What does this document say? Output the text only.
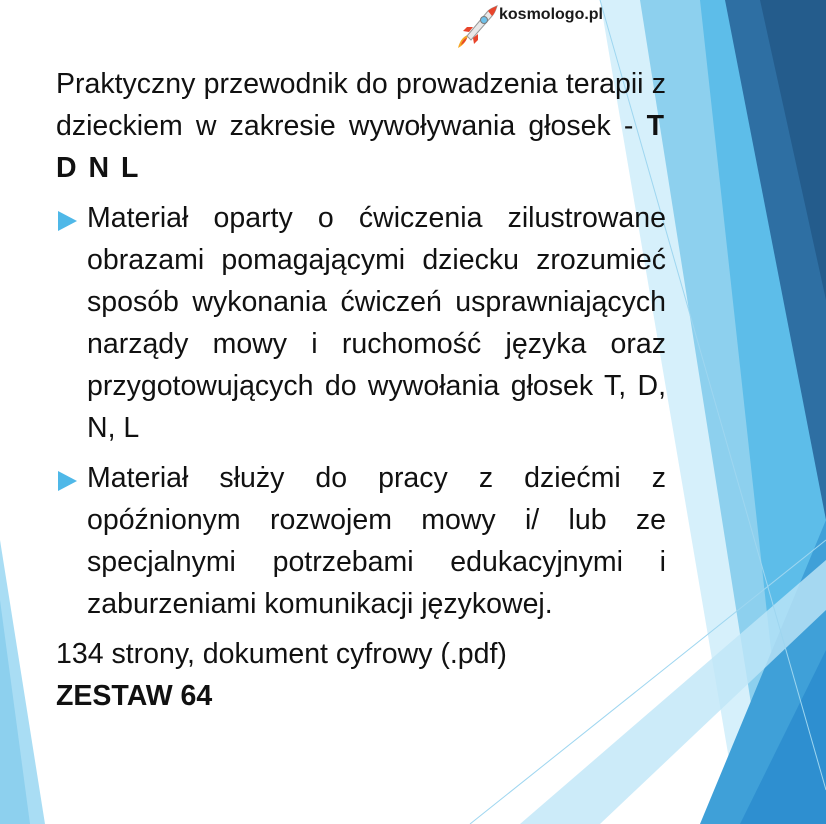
kosmologo.pl

Praktyczny przewodnik do prowadzenia terapii z dzieckiem w zakresie wywoływania głosek - T D N L

Materiał oparty o ćwiczenia zilustrowane obrazami pomagającymi dziecku zrozumieć sposób wykonania ćwiczeń usprawniających narządy mowy i ruchomość języka oraz przygotowujących do wywołania głosek T, D, N, L
Materiał służy do pracy z dziećmi z opóźnionym rozwojem mowy i/ lub ze specjalnymi potrzebami edukacyjnymi i zaburzeniami komunikacji językowej.

134 strony, dokument cyfrowy (.pdf)

ZESTAW 64
